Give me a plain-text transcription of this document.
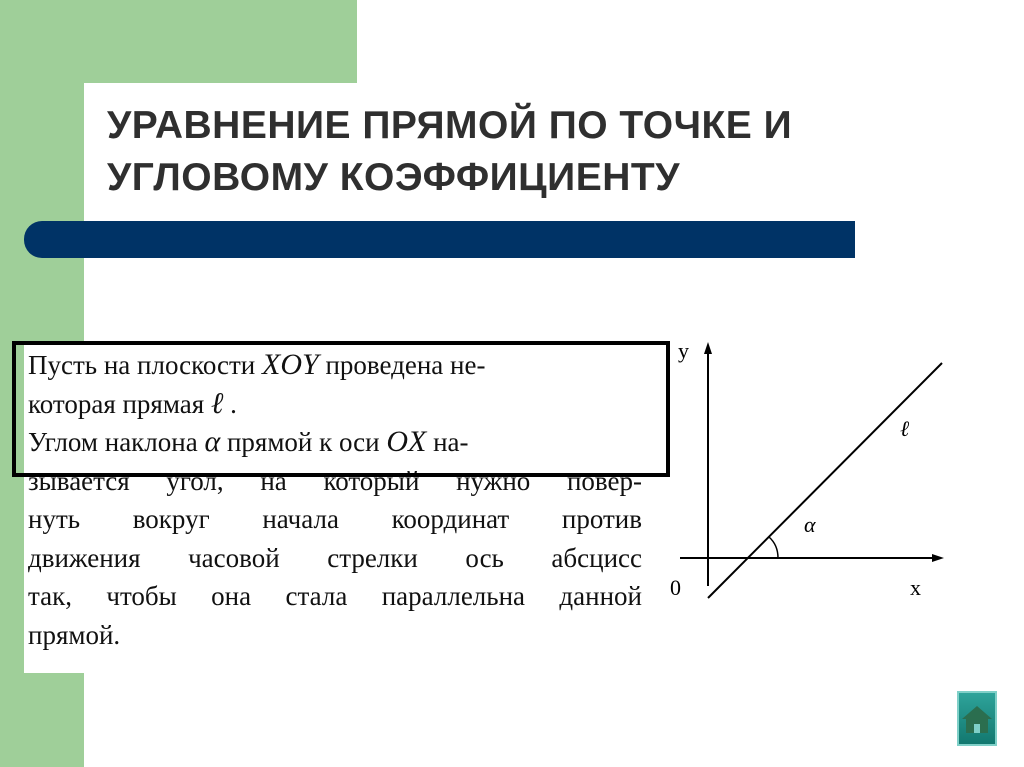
УРАВНЕНИЕ ПРЯМОЙ ПО ТОЧКЕ И
УГЛОВОМУ КОЭФФИЦИЕНТУ
Пусть на плоскости XOY проведена не-
которая прямая ℓ .
Углом наклона α прямой к оси OX на-
зывается угол, на который нужно повер-
нуть вокруг начала координат против
движения часовой стрелки ось абсцисс
так, чтобы она стала параллельна данной
прямой.
y
x
0
ℓ
α
